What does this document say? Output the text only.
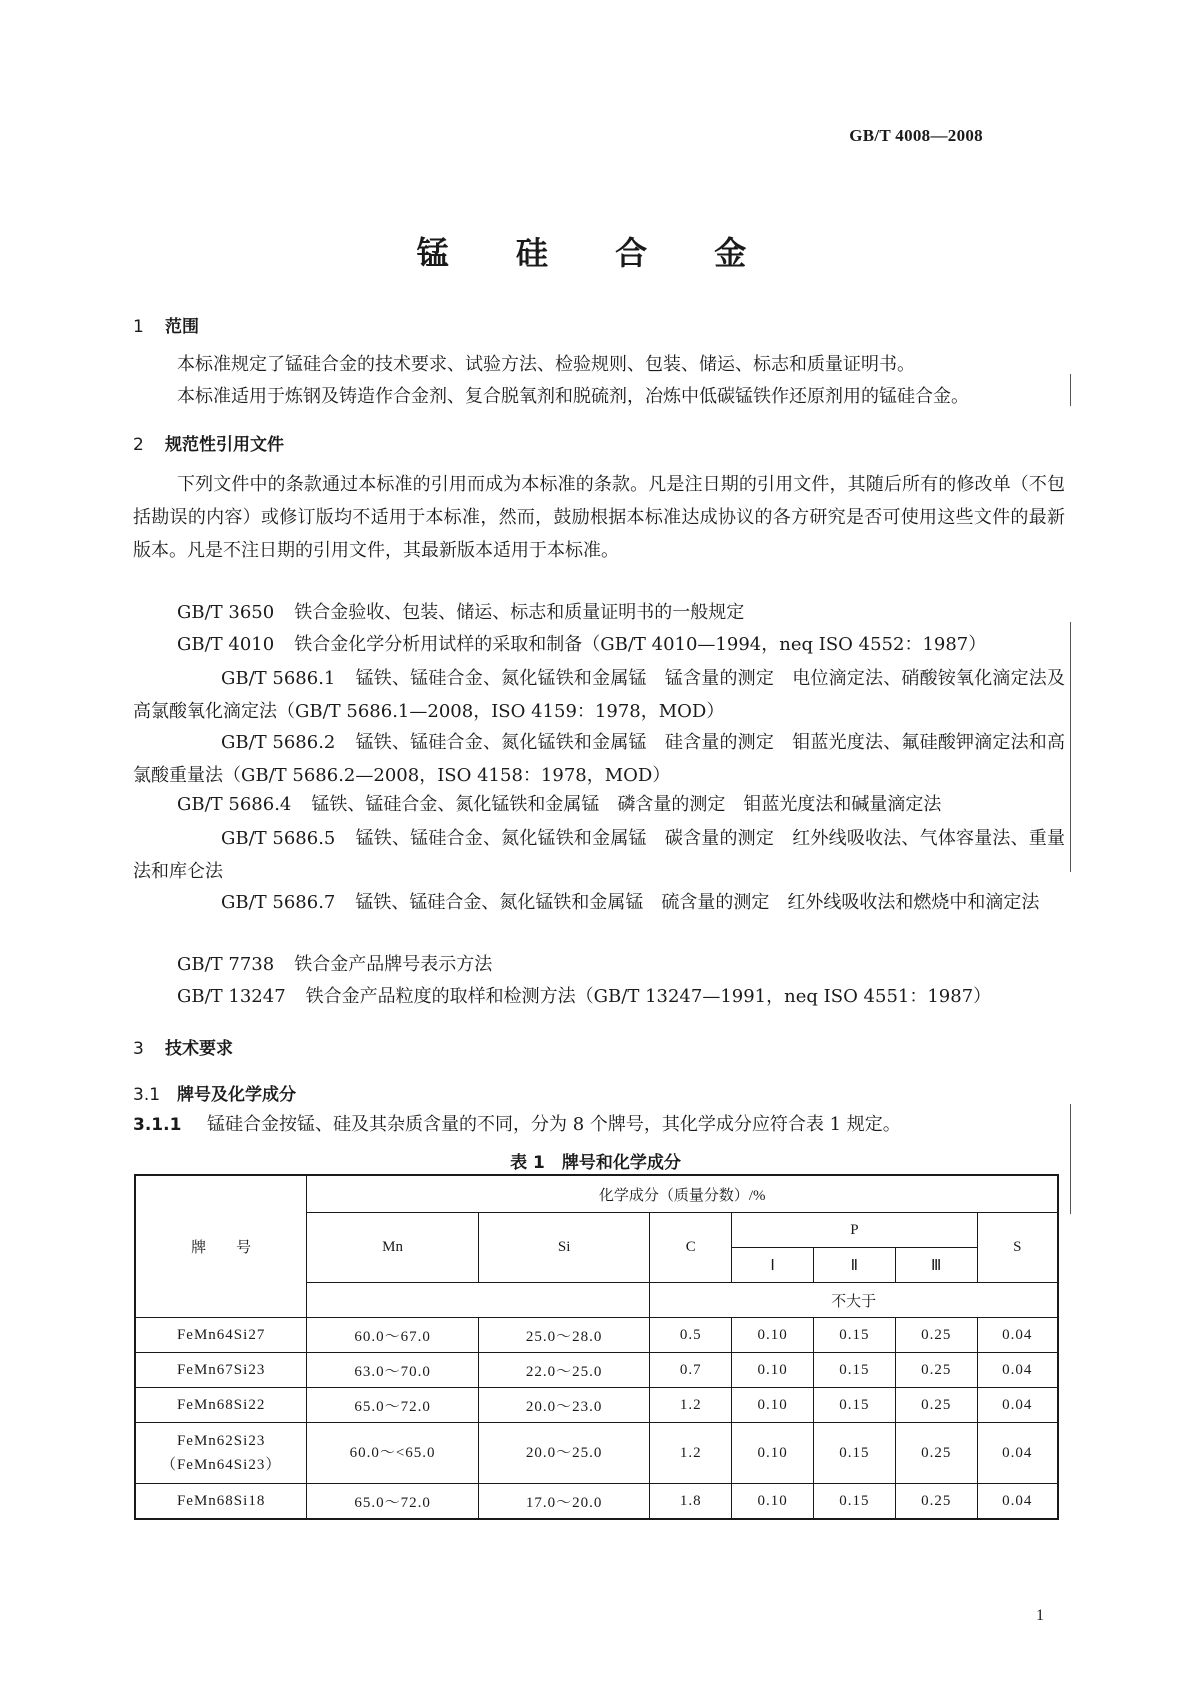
GB/T 4008—2008
锰 硅 合 金
1 范围
本标准规定了锰硅合金的技术要求、试验方法、检验规则、包装、储运、标志和质量证明书。
本标准适用于炼钢及铸造作合金剂、复合脱氧剂和脱硫剂，冶炼中低碳锰铁作还原剂用的锰硅合金。
2 规范性引用文件
下列文件中的条款通过本标准的引用而成为本标准的条款。凡是注日期的引用文件，其随后所有的修改单（不包括勘误的内容）或修订版均不适用于本标准，然而，鼓励根据本标准达成协议的各方研究是否可使用这些文件的最新版本。凡是不注日期的引用文件，其最新版本适用于本标准。
GB/T 3650 铁合金验收、包装、储运、标志和质量证明书的一般规定
GB/T 4010 铁合金化学分析用试样的采取和制备（GB/T 4010—1994，neq ISO 4552：1987）
GB/T 5686.1 锰铁、锰硅合金、氮化锰铁和金属锰　锰含量的测定　电位滴定法、硝酸铵氧化滴定法及高氯酸氧化滴定法（GB/T 5686.1—2008，ISO 4159：1978，MOD）
GB/T 5686.2 锰铁、锰硅合金、氮化锰铁和金属锰　硅含量的测定　钼蓝光度法、氟硅酸钾滴定法和高氯酸重量法（GB/T 5686.2—2008，ISO 4158：1978，MOD）
GB/T 5686.4 锰铁、锰硅合金、氮化锰铁和金属锰　磷含量的测定　钼蓝光度法和碱量滴定法
GB/T 5686.5 锰铁、锰硅合金、氮化锰铁和金属锰　碳含量的测定　红外线吸收法、气体容量法、重量法和库仑法
GB/T 5686.7 锰铁、锰硅合金、氮化锰铁和金属锰　硫含量的测定　红外线吸收法和燃烧中和滴定法
GB/T 7738 铁合金产品牌号表示方法
GB/T 13247 铁合金产品粒度的取样和检测方法（GB/T 13247—1991，neq ISO 4551：1987）
3 技术要求
3.1 牌号及化学成分
3.1.1 锰硅合金按锰、硅及其杂质含量的不同，分为 8 个牌号，其化学成分应符合表 1 规定。
表 1　牌号和化学成分
牌　　号	化学成分（质量分数）/%						
	Mn	Si	C	P			S
				Ⅰ	Ⅱ	Ⅲ	
			不大于				
FeMn64Si27	60.0～67.0	25.0～28.0	0.5	0.10	0.15	0.25	0.04
FeMn67Si23	63.0～70.0	22.0～25.0	0.7	0.10	0.15	0.25	0.04
FeMn68Si22	65.0～72.0	20.0～23.0	1.2	0.10	0.15	0.25	0.04

FeMn62Si23
（FeMn64Si23）	60.0～<65.0	20.0～25.0	1.2	0.10	0.15	0.25	0.04
FeMn68Si18	65.0～72.0	17.0～20.0	1.8	0.10	0.15	0.25	0.04
1
